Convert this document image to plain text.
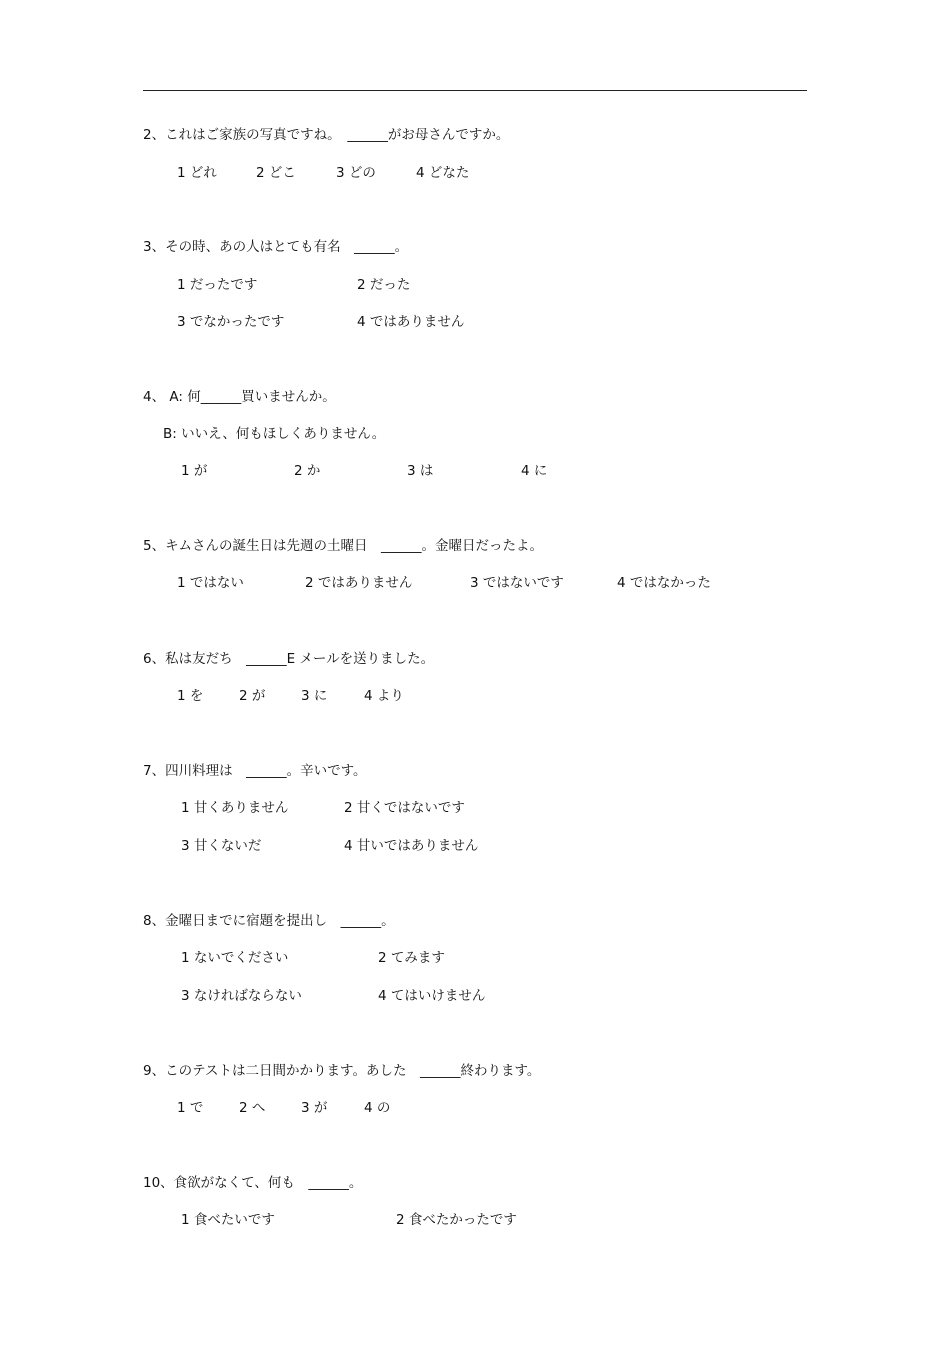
2、これはご家族の写真ですね。　______がお母さんですか。
1 どれ	2 どこ	3 どの	4 どなた
3、その時、あの人はとても有名　______。
1 だったです	2 だった
3 でなかったです	4 ではありません
4、 A: 何______買いませんか。
B: いいえ、何もほしくありません。
1 が	2 か	3 は	4 に
5、キムさんの誕生日は先週の土曜日　______。金曜日だったよ。
1 ではない	2 ではありません	3 ではないです	4 ではなかった
6、私は友だち　______E メールを送りました。
1 を	2 が	3 に	4 より
7、四川料理は　______。辛いです。
1 甘くありません	2 甘くではないです
3 甘くないだ	4 甘いではありません
8、金曜日までに宿題を提出し　______。
1 ないでください	2 てみます
3 なければならない	4 てはいけません
9、このテストは二日間かかります。あした　______終わります。
1 で	2 へ	3 が	4 の
10、食欲がなくて、何も　______。
1 食べたいです	2 食べたかったです
